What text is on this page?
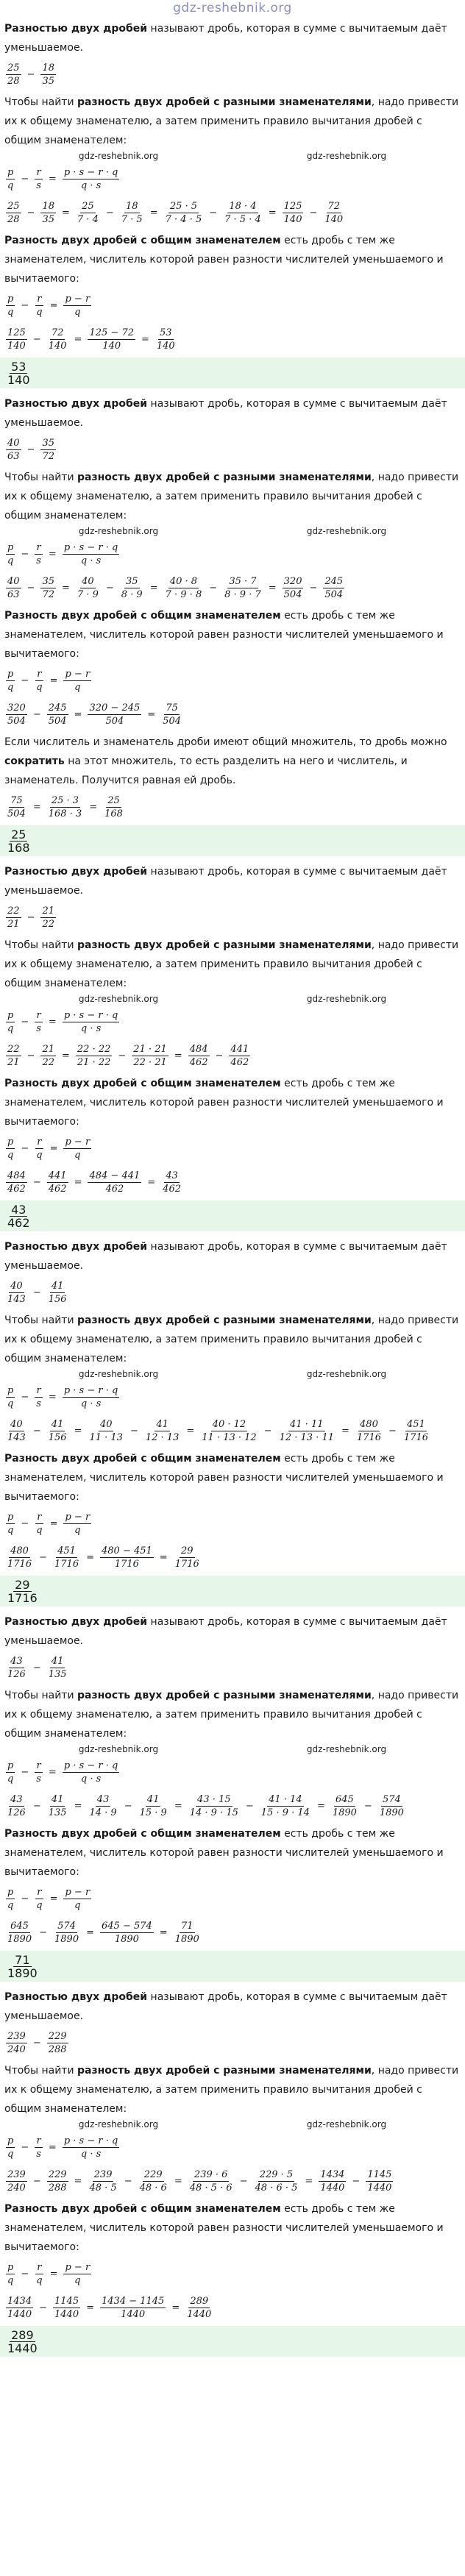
gdz-reshebnik.org

Разностью двух дробей называют дробь, которая в сумме с вычитаемым даёт уменьшаемое.

$\frac{25}{28} - \frac{18}{35}$

Чтобы найти разность двух дробей с разными знаменателями, надо привести их к общему знаменателю, а затем применить правило вычитания дробей с общим знаменателем:

gdz-reshebnik.org	gdz-reshebnik.org
$\frac{p}{q} - \frac{r}{s} = \frac{p \cdot s - r \cdot q}{q \cdot s}$
$\frac{25}{28} - \frac{18}{35} = \frac{25}{7 \cdot 4} - \frac{18}{7 \cdot 5} = \frac{25 \cdot 5}{7 \cdot 4 \cdot 5} - \frac{18 \cdot 4}{7 \cdot 5 \cdot 4} = \frac{125}{140} - \frac{72}{140}$

Разность двух дробей с общим знаменателем есть дробь с тем же знаменателем, числитель которой равен разности числителей уменьшаемого и вычитаемого:

$\frac{p}{q} - \frac{r}{q} = \frac{p - r}{q}$
$\frac{125}{140} - \frac{72}{140} = \frac{125 - 72}{140} = \frac{53}{140}$
$\frac{53}{140}$

Разностью двух дробей называют дробь, которая в сумме с вычитаемым даёт уменьшаемое.

$\frac{40}{63} - \frac{35}{72}$

Чтобы найти разность двух дробей с разными знаменателями, надо привести их к общему знаменателю, а затем применить правило вычитания дробей с общим знаменателем:

gdz-reshebnik.org	gdz-reshebnik.org
$\frac{p}{q} - \frac{r}{s} = \frac{p \cdot s - r \cdot q}{q \cdot s}$
$\frac{40}{63} - \frac{35}{72} = \frac{40}{7 \cdot 9} - \frac{35}{8 \cdot 9} = \frac{40 \cdot 8}{7 \cdot 9 \cdot 8} - \frac{35 \cdot 7}{8 \cdot 9 \cdot 7} = \frac{320}{504} - \frac{245}{504}$

Разность двух дробей с общим знаменателем есть дробь с тем же знаменателем, числитель которой равен разности числителей уменьшаемого и вычитаемого:

$\frac{p}{q} - \frac{r}{q} = \frac{p - r}{q}$
$\frac{320}{504} - \frac{245}{504} = \frac{320 - 245}{504} = \frac{75}{504}$

Если числитель и знаменатель дроби имеют общий множитель, то дробь можно сократить на этот множитель, то есть разделить на него и числитель, и знаменатель. Получится равная ей дробь.

$\frac{75}{504} = \frac{25 \cdot 3}{168 \cdot 3} = \frac{25}{168}$
$\frac{25}{168}$

Разностью двух дробей называют дробь, которая в сумме с вычитаемым даёт уменьшаемое.

$\frac{22}{21} - \frac{21}{22}$

Чтобы найти разность двух дробей с разными знаменателями, надо привести их к общему знаменателю, а затем применить правило вычитания дробей с общим знаменателем:

gdz-reshebnik.org	gdz-reshebnik.org
$\frac{p}{q} - \frac{r}{s} = \frac{p \cdot s - r \cdot q}{q \cdot s}$
$\frac{22}{21} - \frac{21}{22} = \frac{22 \cdot 22}{21 \cdot 22} - \frac{21 \cdot 21}{22 \cdot 21} = \frac{484}{462} - \frac{441}{462}$

Разность двух дробей с общим знаменателем есть дробь с тем же знаменателем, числитель которой равен разности числителей уменьшаемого и вычитаемого:

$\frac{p}{q} - \frac{r}{q} = \frac{p - r}{q}$
$\frac{484}{462} - \frac{441}{462} = \frac{484 - 441}{462} = \frac{43}{462}$
$\frac{43}{462}$

Разностью двух дробей называют дробь, которая в сумме с вычитаемым даёт уменьшаемое.

$\frac{40}{143} - \frac{41}{156}$

Чтобы найти разность двух дробей с разными знаменателями, надо привести их к общему знаменателю, а затем применить правило вычитания дробей с общим знаменателем:

gdz-reshebnik.org	gdz-reshebnik.org
$\frac{p}{q} - \frac{r}{s} = \frac{p \cdot s - r \cdot q}{q \cdot s}$
$\frac{40}{143} - \frac{41}{156} = \frac{40}{11 \cdot 13} - \frac{41}{12 \cdot 13} = \frac{40 \cdot 12}{11 \cdot 13 \cdot 12} - \frac{41 \cdot 11}{12 \cdot 13 \cdot 11} = \frac{480}{1716} - \frac{451}{1716}$

Разность двух дробей с общим знаменателем есть дробь с тем же знаменателем, числитель которой равен разности числителей уменьшаемого и вычитаемого:

$\frac{p}{q} - \frac{r}{q} = \frac{p - r}{q}$
$\frac{480}{1716} - \frac{451}{1716} = \frac{480 - 451}{1716} = \frac{29}{1716}$
$\frac{29}{1716}$

Разностью двух дробей называют дробь, которая в сумме с вычитаемым даёт уменьшаемое.

$\frac{43}{126} - \frac{41}{135}$

Чтобы найти разность двух дробей с разными знаменателями, надо привести их к общему знаменателю, а затем применить правило вычитания дробей с общим знаменателем:

gdz-reshebnik.org	gdz-reshebnik.org
$\frac{p}{q} - \frac{r}{s} = \frac{p \cdot s - r \cdot q}{q \cdot s}$
$\frac{43}{126} - \frac{41}{135} = \frac{43}{14 \cdot 9} - \frac{41}{15 \cdot 9} = \frac{43 \cdot 15}{14 \cdot 9 \cdot 15} - \frac{41 \cdot 14}{15 \cdot 9 \cdot 14} = \frac{645}{1890} - \frac{574}{1890}$

Разность двух дробей с общим знаменателем есть дробь с тем же знаменателем, числитель которой равен разности числителей уменьшаемого и вычитаемого:

$\frac{p}{q} - \frac{r}{q} = \frac{p - r}{q}$
$\frac{645}{1890} - \frac{574}{1890} = \frac{645 - 574}{1890} = \frac{71}{1890}$
$\frac{71}{1890}$

Разностью двух дробей называют дробь, которая в сумме с вычитаемым даёт уменьшаемое.

$\frac{239}{240} - \frac{229}{288}$

Чтобы найти разность двух дробей с разными знаменателями, надо привести их к общему знаменателю, а затем применить правило вычитания дробей с общим знаменателем:

gdz-reshebnik.org	gdz-reshebnik.org
$\frac{p}{q} - \frac{r}{s} = \frac{p \cdot s - r \cdot q}{q \cdot s}$
$\frac{239}{240} - \frac{229}{288} = \frac{239}{48 \cdot 5} - \frac{229}{48 \cdot 6} = \frac{239 \cdot 6}{48 \cdot 5 \cdot 6} - \frac{229 \cdot 5}{48 \cdot 6 \cdot 5} = \frac{1434}{1440} - \frac{1145}{1440}$

Разность двух дробей с общим знаменателем есть дробь с тем же знаменателем, числитель которой равен разности числителей уменьшаемого и вычитаемого:

$\frac{p}{q} - \frac{r}{q} = \frac{p - r}{q}$
$\frac{1434}{1440} - \frac{1145}{1440} = \frac{1434 - 1145}{1440} = \frac{289}{1440}$
$\frac{289}{1440}$
